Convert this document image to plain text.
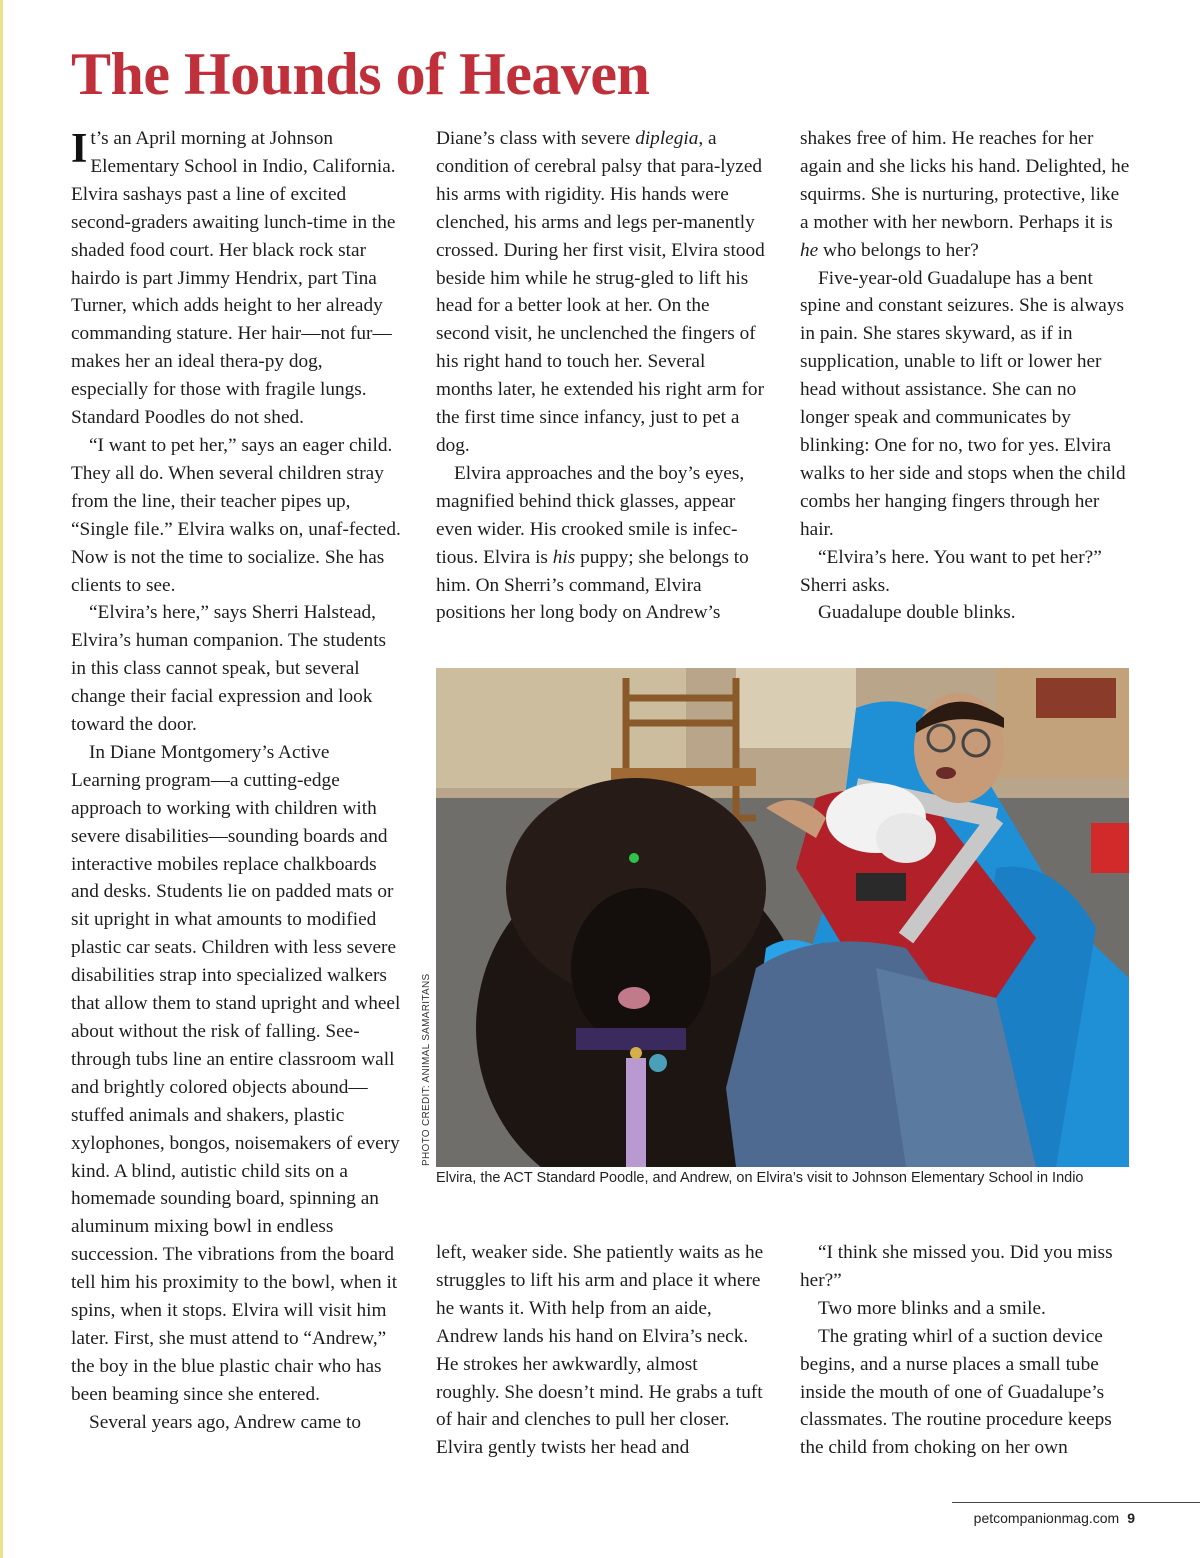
The Hounds of Heaven

It’s an April morning at Johnson Elementary School in Indio, California. Elvira sashays past a line of excited second-graders awaiting lunch-time in the shaded food court. Her black rock star hairdo is part Jimmy Hendrix, part Tina Turner, which adds height to her already commanding stature. Her hair—not fur—makes her an ideal thera-py dog, especially for those with fragile lungs. Standard Poodles do not shed.

“I want to pet her,” says an eager child. They all do. When several children stray from the line, their teacher pipes up, “Single file.” Elvira walks on, unaf-fected. Now is not the time to socialize. She has clients to see.

“Elvira’s here,” says Sherri Halstead, Elvira’s human companion. The students in this class cannot speak, but several change their facial expression and look toward the door.

In Diane Montgomery’s Active Learning program—a cutting-edge approach to working with children with severe disabilities—sounding boards and interactive mobiles replace chalkboards and desks. Students lie on padded mats or sit upright in what amounts to modified plastic car seats. Children with less severe disabilities strap into specialized walkers that allow them to stand upright and wheel about without the risk of falling. See-through tubs line an entire classroom wall and brightly colored objects abound—stuffed animals and shakers, plastic xylophones, bongos, noisemakers of every kind. A blind, autistic child sits on a homemade sounding board, spinning an aluminum mixing bowl in endless succession. The vibrations from the board tell him his proximity to the bowl, when it spins, when it stops. Elvira will visit him later. First, she must attend to “Andrew,” the boy in the blue plastic chair who has been beaming since she entered.

Several years ago, Andrew came to

Diane’s class with severe diplegia, a condition of cerebral palsy that para-lyzed his arms with rigidity. His hands were clenched, his arms and legs per-manently crossed. During her first visit, Elvira stood beside him while he strug-gled to lift his head for a better look at her. On the second visit, he unclenched the fingers of his right hand to touch her. Several months later, he extended his right arm for the first time since infancy, just to pet a dog.

Elvira approaches and the boy’s eyes, magnified behind thick glasses, appear even wider. His crooked smile is infec-tious. Elvira is his puppy; she belongs to him. On Sherri’s command, Elvira positions her long body on Andrew’s

shakes free of him. He reaches for her again and she licks his hand. Delighted, he squirms. She is nurturing, protective, like a mother with her newborn. Perhaps it is he who belongs to her?

Five-year-old Guadalupe has a bent spine and constant seizures. She is always in pain. She stares skyward, as if in supplication, unable to lift or lower her head without assistance. She can no longer speak and communicates by blinking: One for no, two for yes. Elvira walks to her side and stops when the child combs her hanging fingers through her hair.

“Elvira’s here. You want to pet her?” Sherri asks.

Guadalupe double blinks.

PHOTO CREDIT: ANIMAL SAMARITANS
Elvira, the ACT Standard Poodle, and Andrew, on Elvira’s visit to Johnson Elementary School in Indio

left, weaker side. She patiently waits as he struggles to lift his arm and place it where he wants it. With help from an aide, Andrew lands his hand on Elvira’s neck. He strokes her awkwardly, almost roughly. She doesn’t mind. He grabs a tuft of hair and clenches to pull her closer. Elvira gently twists her head and

“I think she missed you. Did you miss her?”

Two more blinks and a smile.

The grating whirl of a suction device begins, and a nurse places a small tube inside the mouth of one of Guadalupe’s classmates. The routine procedure keeps the child from choking on her own

petcompanionmag.com 9
